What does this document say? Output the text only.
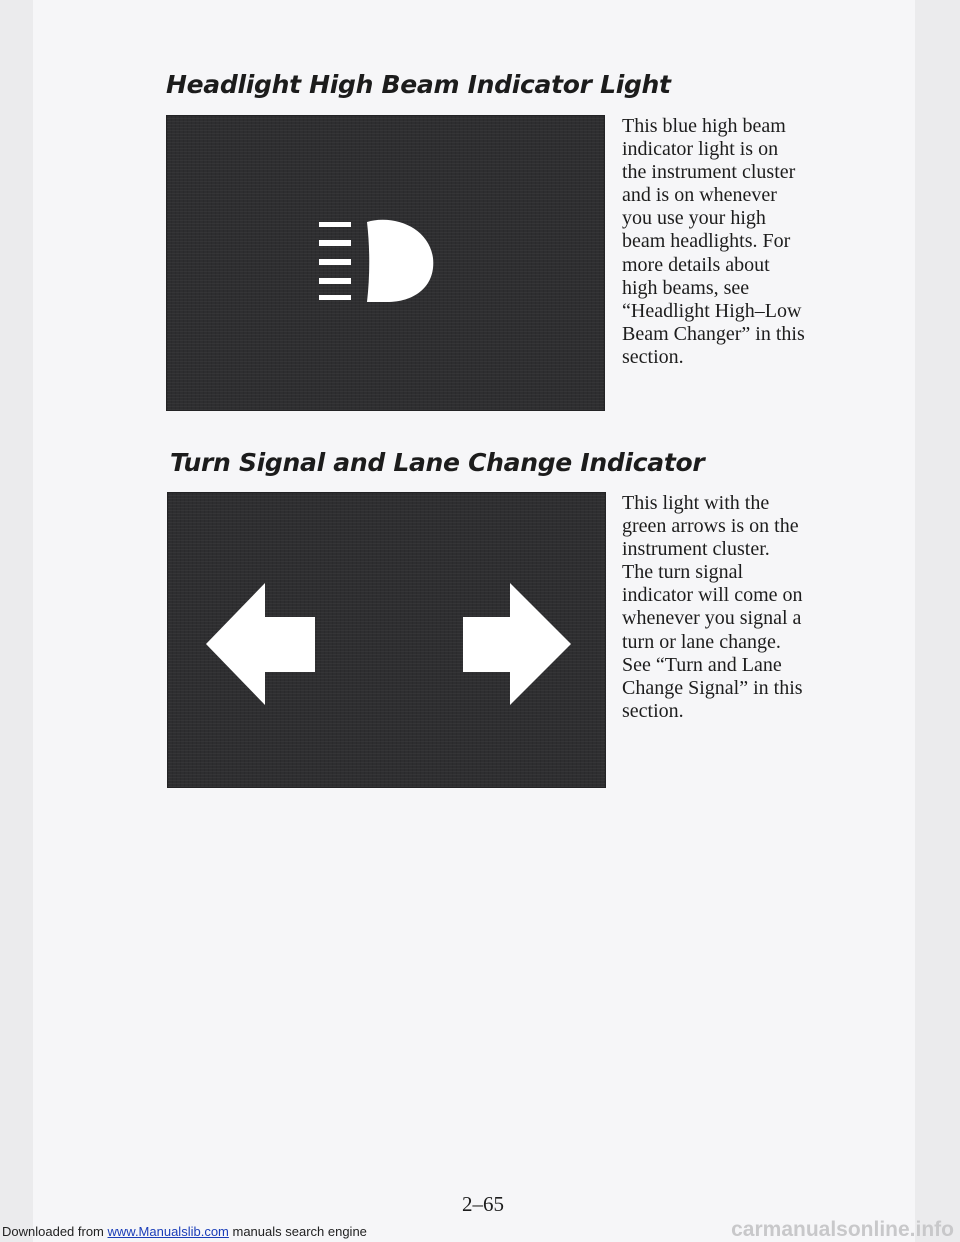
Headlight High Beam Indicator Light
This blue high beam
indicator light is on
the instrument cluster
and is on whenever
you use your high
beam headlights. For
more details about
high beams, see
“Headlight High–Low
Beam Changer” in this
section.
Turn Signal and Lane Change Indicator
This light with the
green arrows is on the
instrument cluster.
The turn signal
indicator will come on
whenever you signal a
turn or lane change.
See “Turn and Lane
Change Signal” in this
section.

2–65

Downloaded from www.Manualslib.com manuals search engine	carmanualsonline.info
